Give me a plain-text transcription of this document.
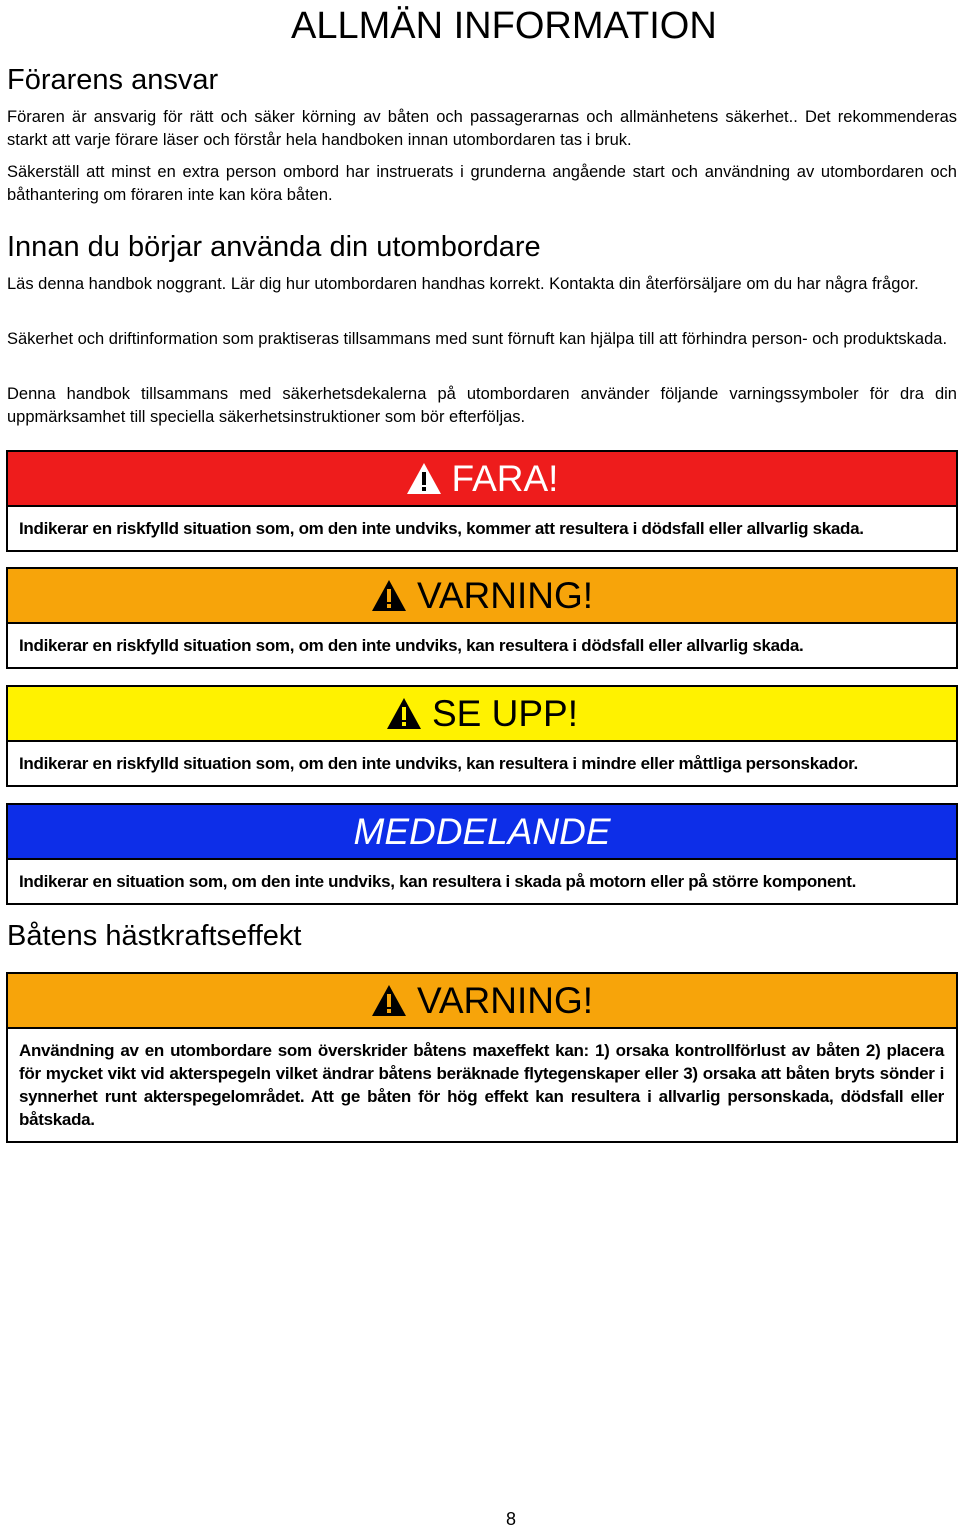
ALLMÄN INFORMATION
Förarens ansvar

Föraren är ansvarig för rätt och säker körning av båten och passagerarnas och allmänhetens säkerhet.. Det rekommenderas starkt att varje förare läser och förstår hela handboken innan utombordaren tas i bruk.

Säkerställ att minst en extra person ombord har instruerats i grunderna angående start och användning av utombordaren och båthantering om föraren inte kan köra båten.

Innan du börjar använda din utombordare

Läs denna handbok noggrant. Lär dig hur utombordaren handhas korrekt. Kontakta din återförsäljare om du har några frågor.

Säkerhet och driftinformation som praktiseras tillsammans med sunt förnuft kan hjälpa till att förhindra person- och produktskada.

Denna handbok tillsammans med säkerhetsdekalerna på utombordaren använder följande varningssymboler för dra din uppmärksamhet till speciella säkerhetsinstruktioner som bör efterföljas.

FARA!
Indikerar en riskfylld situation som, om den inte undviks, kommer att resultera i dödsfall eller allvarlig skada.
VARNING!
Indikerar en riskfylld situation som, om den inte undviks, kan resultera i dödsfall eller allvarlig skada.
SE UPP!
Indikerar en riskfylld situation som, om den inte undviks, kan resultera i mindre eller måttliga personskador.
MEDDELANDE
Indikerar en situation som, om den inte undviks, kan resultera i skada på motorn eller på större komponent.
Båtens hästkraftseffekt
VARNING!
Användning av en utombordare som överskrider båtens maxeffekt kan: 1) orsaka kontrollförlust av båten 2) placera för mycket vikt vid akterspegeln vilket ändrar båtens beräknade flytegenskaper eller 3) orsaka att båten bryts sönder i synnerhet runt akterspegelområdet. Att ge båten för hög effekt kan resultera i allvarlig personskada, dödsfall eller båtskada.
8
